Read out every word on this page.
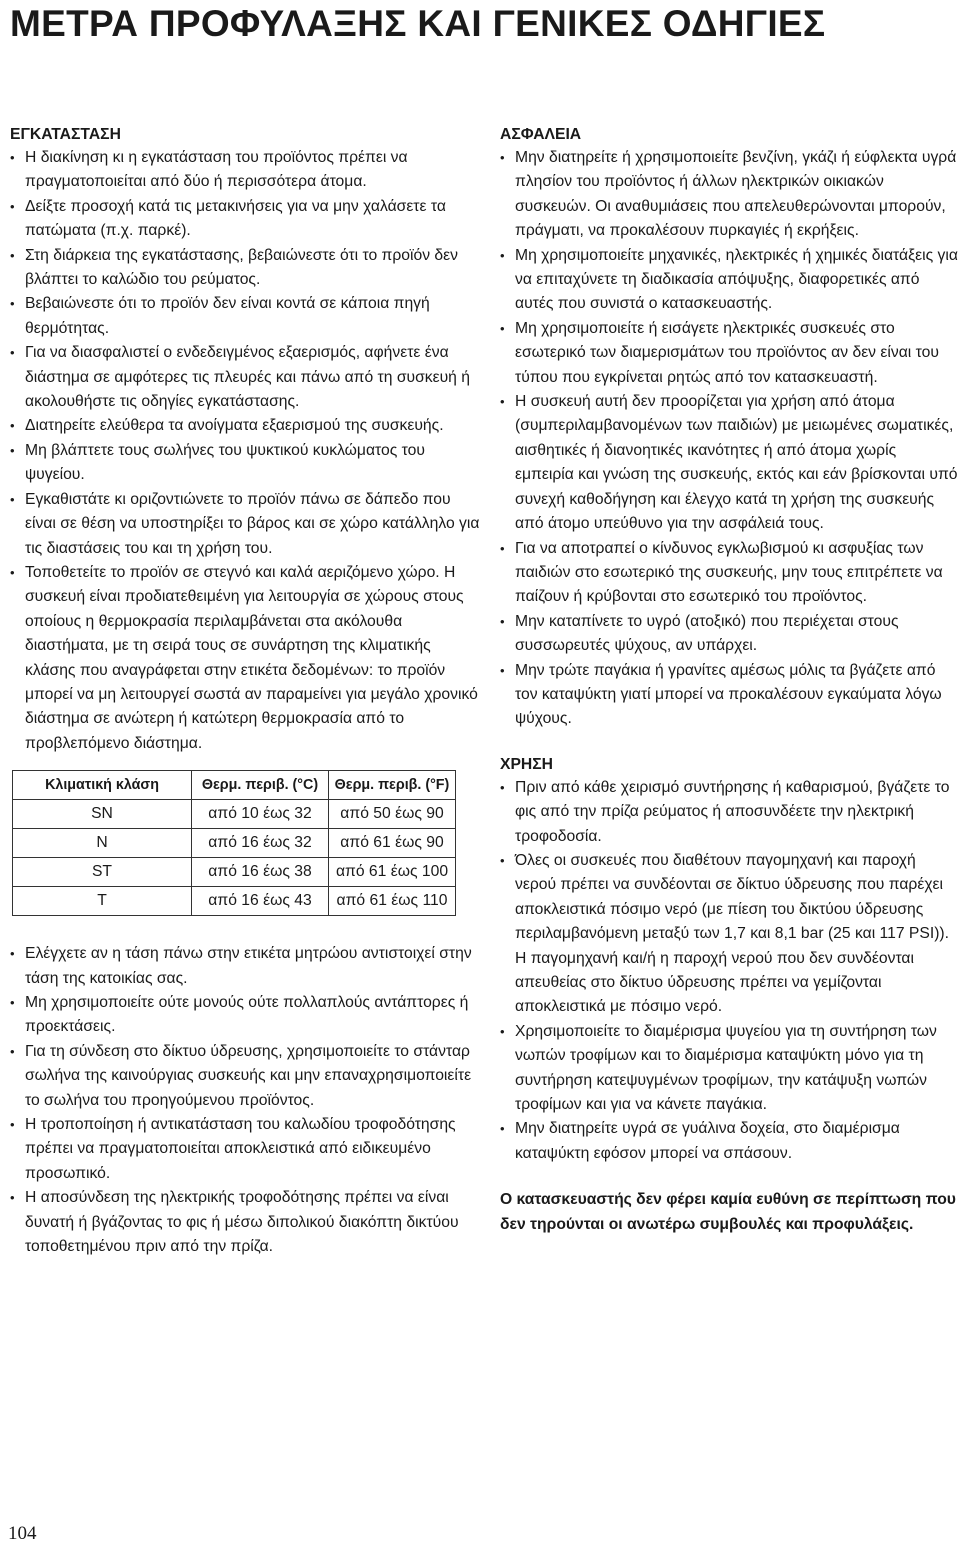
ΜΕΤΡΑ ΠΡΟΦΥΛΑΞΗΣ ΚΑΙ ΓΕΝΙΚΕΣ ΟΔΗΓΙΕΣ
ΕΓΚΑΤΑΣΤΑΣΗ
• Η διακίνηση κι η εγκατάσταση του προϊόντος πρέπει να πραγματοποιείται από δύο ή περισσότερα άτομα.
• Δείξτε προσοχή κατά τις μετακινήσεις για να μην χαλάσετε τα πατώματα (π.χ. παρκέ).
• Στη διάρκεια της εγκατάστασης, βεβαιώνεστε ότι το προϊόν δεν βλάπτει το καλώδιο του ρεύματος.
• Βεβαιώνεστε ότι το προϊόν δεν είναι κοντά σε κάποια πηγή θερμότητας.
• Για να διασφαλιστεί ο ενδεδειγμένος εξαερισμός, αφήνετε ένα διάστημα σε αμφότερες τις πλευρές και πάνω από τη συσκευή ή ακολουθήστε τις οδηγίες εγκατάστασης.
• Διατηρείτε ελεύθερα τα ανοίγματα εξαερισμού της συσκευής.
• Μη βλάπτετε τους σωλήνες του ψυκτικού κυκλώματος του ψυγείου.
• Εγκαθιστάτε κι οριζοντιώνετε το προϊόν πάνω σε δάπεδο που είναι σε θέση να υποστηρίξει το βάρος και σε χώρο κατάλληλο για τις διαστάσεις του και τη χρήση του.
• Τοποθετείτε το προϊόν σε στεγνό και καλά αεριζόμενο χώρο. Η συσκευή είναι προδιατεθειμένη για λειτουργία σε χώρους στους οποίους η θερμοκρασία περιλαμβάνεται στα ακόλουθα διαστήματα, με τη σειρά τους σε συνάρτηση της κλιματικής κλάσης που αναγράφεται στην ετικέτα δεδομένων: το προϊόν μπορεί να μη λειτουργεί σωστά αν παραμείνει για μεγάλο χρονικό διάστημα σε ανώτερη ή κατώτερη θερμοκρασία από το προβλεπόμενο διάστημα.
Κλιματική κλάση	Θερμ. περιβ. (°C)	Θερμ. περιβ. (°F)
SN	από 10 έως 32	από 50 έως 90
N	από 16 έως 32	από 61 έως 90
ST	από 16 έως 38	από 61 έως 100
T	από 16 έως 43	από 61 έως 110
• Ελέγχετε αν η τάση πάνω στην ετικέτα μητρώου αντιστοιχεί στην τάση της κατοικίας σας.
• Μη χρησιμοποιείτε ούτε μονούς ούτε πολλαπλούς αντάπτορες ή προεκτάσεις.
• Για τη σύνδεση στο δίκτυο ύδρευσης, χρησιμοποιείτε το στάνταρ σωλήνα της καινούργιας συσκευής και μην επαναχρησιμοποιείτε το σωλήνα του προηγούμενου προϊόντος.
• Η τροποποίηση ή αντικατάσταση του καλωδίου τροφοδότησης πρέπει να πραγματοποιείται αποκλειστικά από ειδικευμένο προσωπικό.
• Η αποσύνδεση της ηλεκτρικής τροφοδότησης πρέπει να είναι δυνατή ή βγάζοντας το φις ή μέσω διπολικού διακόπτη δικτύου τοποθετημένου πριν από την πρίζα.
ΑΣΦΑΛΕΙΑ
• Μην διατηρείτε ή χρησιμοποιείτε βενζίνη, γκάζι ή εύφλεκτα υγρά πλησίον του προϊόντος ή άλλων ηλεκτρικών οικιακών συσκευών. Οι αναθυμιάσεις που απελευθερώνονται μπορούν, πράγματι, να προκαλέσουν πυρκαγιές ή εκρήξεις.
• Μη χρησιμοποιείτε μηχανικές, ηλεκτρικές ή χημικές διατάξεις για να επιταχύνετε τη διαδικασία απόψυξης, διαφορετικές από αυτές που συνιστά ο κατασκευαστής.
• Μη χρησιμοποιείτε ή εισάγετε ηλεκτρικές συσκευές στο εσωτερικό των διαμερισμάτων του προϊόντος αν δεν είναι του τύπου που εγκρίνεται ρητώς από τον κατασκευαστή.
• Η συσκευή αυτή δεν προορίζεται για χρήση από άτομα (συμπεριλαμβανομένων των παιδιών) με μειωμένες σωματικές, αισθητικές ή διανοητικές ικανότητες ή από άτομα χωρίς εμπειρία και γνώση της συσκευής, εκτός και εάν βρίσκονται υπό συνεχή καθοδήγηση και έλεγχο κατά τη χρήση της συσκευής από άτομο υπεύθυνο για την ασφάλειά τους.
• Για να αποτραπεί ο κίνδυνος εγκλωβισμού κι ασφυξίας των παιδιών στο εσωτερικό της συσκευής, μην τους επιτρέπετε να παίζουν ή κρύβονται στο εσωτερικό του προϊόντος.
• Μην καταπίνετε το υγρό (ατοξικό) που περιέχεται στους συσσωρευτές ψύχους, αν υπάρχει.
• Μην τρώτε παγάκια ή γρανίτες αμέσως μόλις τα βγάζετε από τον καταψύκτη γιατί μπορεί να προκαλέσουν εγκαύματα λόγω ψύχους.
ΧΡΗΣΗ
• Πριν από κάθε χειρισμό συντήρησης ή καθαρισμού, βγάζετε το φις από την πρίζα ρεύματος ή αποσυνδέετε την ηλεκτρική τροφοδοσία.
• Όλες οι συσκευές που διαθέτουν παγομηχανή και παροχή νερού πρέπει να συνδέονται σε δίκτυο ύδρευσης που παρέχει αποκλειστικά πόσιμο νερό (με πίεση του δικτύου ύδρευσης περιλαμβανόμενη μεταξύ των 1,7 και 8,1 bar (25 και 117 PSI)). Η παγομηχανή και/ή η παροχή νερού που δεν συνδέονται απευθείας στο δίκτυο ύδρευσης πρέπει να γεμίζονται αποκλειστικά με πόσιμο νερό.
• Χρησιμοποιείτε το διαμέρισμα ψυγείου για τη συντήρηση των νωπών τροφίμων και το διαμέρισμα καταψύκτη μόνο για τη συντήρηση κατεψυγμένων τροφίμων, την κατάψυξη νωπών τροφίμων και για να κάνετε παγάκια.
• Μην διατηρείτε υγρά σε γυάλινα δοχεία, στο διαμέρισμα καταψύκτη εφόσον μπορεί να σπάσουν.
Ο κατασκευαστής δεν φέρει καμία ευθύνη σε περίπτωση που δεν τηρούνται οι ανωτέρω συμβουλές και προφυλάξεις.
104
